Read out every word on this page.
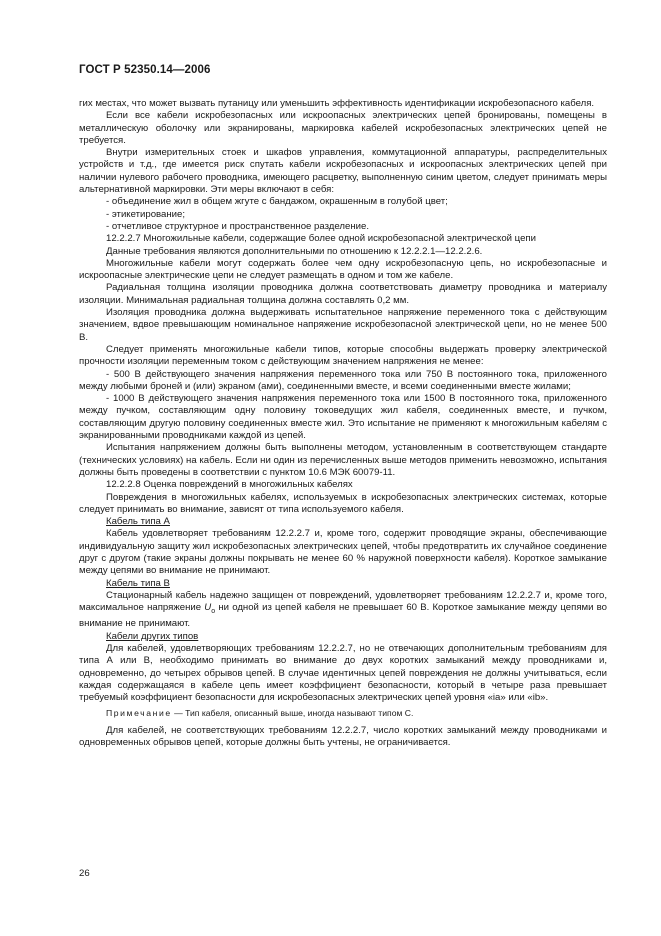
ГОСТ Р 52350.14—2006

гих местах, что может вызвать путаницу или уменьшить эффективность идентификации искробезопасного кабеля.

Если все кабели искробезопасных или искроопасных электрических цепей бронированы, помещены в металлическую оболочку или экранированы, маркировка кабелей искробезопасных электрических цепей не требуется.

Внутри измерительных стоек и шкафов управления, коммутационной аппаратуры, распределительных устройств и т.д., где имеется риск спутать кабели искробезопасных и искроопасных электрических цепей при наличии нулевого рабочего проводника, имеющего расцветку, выполненную синим цветом, следует принимать меры альтернативной маркировки. Эти меры включают в себя:

- объединение жил в общем жгуте с бандажом, окрашенным в голубой цвет;

- этикетирование;

- отчетливое структурное и пространственное разделение.

12.2.2.7 Многожильные кабели, содержащие более одной искробезопасной электрической цепи

Данные требования являются дополнительными по отношению к 12.2.2.1—12.2.2.6.

Многожильные кабели могут содержать более чем одну искробезопасную цепь, но искробезопасные и искроопасные электрические цепи не следует размещать в одном и том же кабеле.

Радиальная толщина изоляции проводника должна соответствовать диаметру проводника и материалу изоляции. Минимальная радиальная толщина должна составлять 0,2 мм.

Изоляция проводника должна выдерживать испытательное напряжение переменного тока с действующим значением, вдвое превышающим номинальное напряжение искробезопасной электрической цепи, но не менее 500 В.

Следует применять многожильные кабели типов, которые способны выдержать проверку электрической прочности изоляции переменным током с действующим значением напряжения не менее:

- 500 В действующего значения напряжения переменного тока или 750 В постоянного тока, приложенного между любыми броней и (или) экраном (ами), соединенными вместе, и всеми соединенными вместе жилами;

- 1000 В действующего значения напряжения переменного тока или 1500 В постоянного тока, приложенного между пучком, составляющим одну половину токоведущих жил кабеля, соединенных вместе, и пучком, составляющим другую половину соединенных вместе жил. Это испытание не применяют к многожильным кабелям с экранированными проводниками каждой из цепей.

Испытания напряжением должны быть выполнены методом, установленным в соответствующем стандарте (технических условиях) на кабель. Если ни один из перечисленных выше методов применить невозможно, испытания должны быть проведены в соответствии с пунктом 10.6 МЭК 60079-11.

12.2.2.8 Оценка повреждений в многожильных кабелях

Повреждения в многожильных кабелях, используемых в искробезопасных электрических системах, которые следует принимать во внимание, зависят от типа используемого кабеля.

Кабель типа А

Кабель удовлетворяет требованиям 12.2.2.7 и, кроме того, содержит проводящие экраны, обеспечивающие индивидуальную защиту жил искробезопасных электрических цепей, чтобы предотвратить их случайное соединение друг с другом (такие экраны должны покрывать не менее 60 % наружной поверхности кабеля). Короткое замыкание между цепями во внимание не принимают.

Кабель типа В

Стационарный кабель надежно защищен от повреждений, удовлетворяет требованиям 12.2.2.7 и, кроме того, максимальное напряжение $U_o$ ни одной из цепей кабеля не превышает 60 В. Короткое замыкание между цепями во внимание не принимают.

Кабели других типов

Для кабелей, удовлетворяющих требованиям 12.2.2.7, но не отвечающих дополнительным требованиям для типа А или В, необходимо принимать во внимание до двух коротких замыканий между проводниками и, одновременно, до четырех обрывов цепей. В случае идентичных цепей повреждения не должны учитываться, если каждая содержащаяся в кабеле цепь имеет коэффициент безопасности, который в четыре раза превышает требуемый коэффициент безопасности для искробезопасных электрических цепей уровня «ia» или «ib».

Примечание — Тип кабеля, описанный выше, иногда называют типом С.

Для кабелей, не соответствующих требованиям 12.2.2.7, число коротких замыканий между проводниками и одновременных обрывов цепей, которые должны быть учтены, не ограничивается.

26
